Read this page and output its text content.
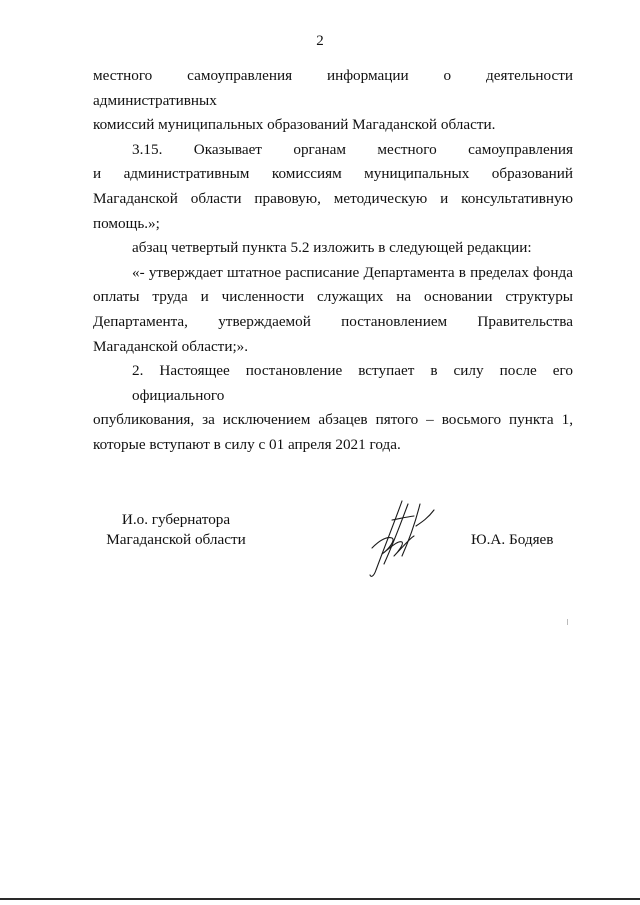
2

местного самоуправления информации о деятельности административных
комиссий муниципальных образований Магаданской области.

3.15. Оказывает органам местного самоуправления
и административным комиссиям муниципальных образований
Магаданской области правовую, методическую и консультативную
помощь.»;

абзац четвертый пункта 5.2 изложить в следующей редакции:

«- утверждает штатное расписание Департамента в пределах фонда
оплаты труда и численности служащих на основании структуры
Департамента, утверждаемой постановлением Правительства
Магаданской области;».

2. Настоящее постановление вступает в силу после его официального
опубликования, за исключением абзацев пятого – восьмого пункта 1,
которые вступают в силу с 01 апреля 2021 года.

И.о. губернатора
Магаданской области	Ю.А. Бодяев
